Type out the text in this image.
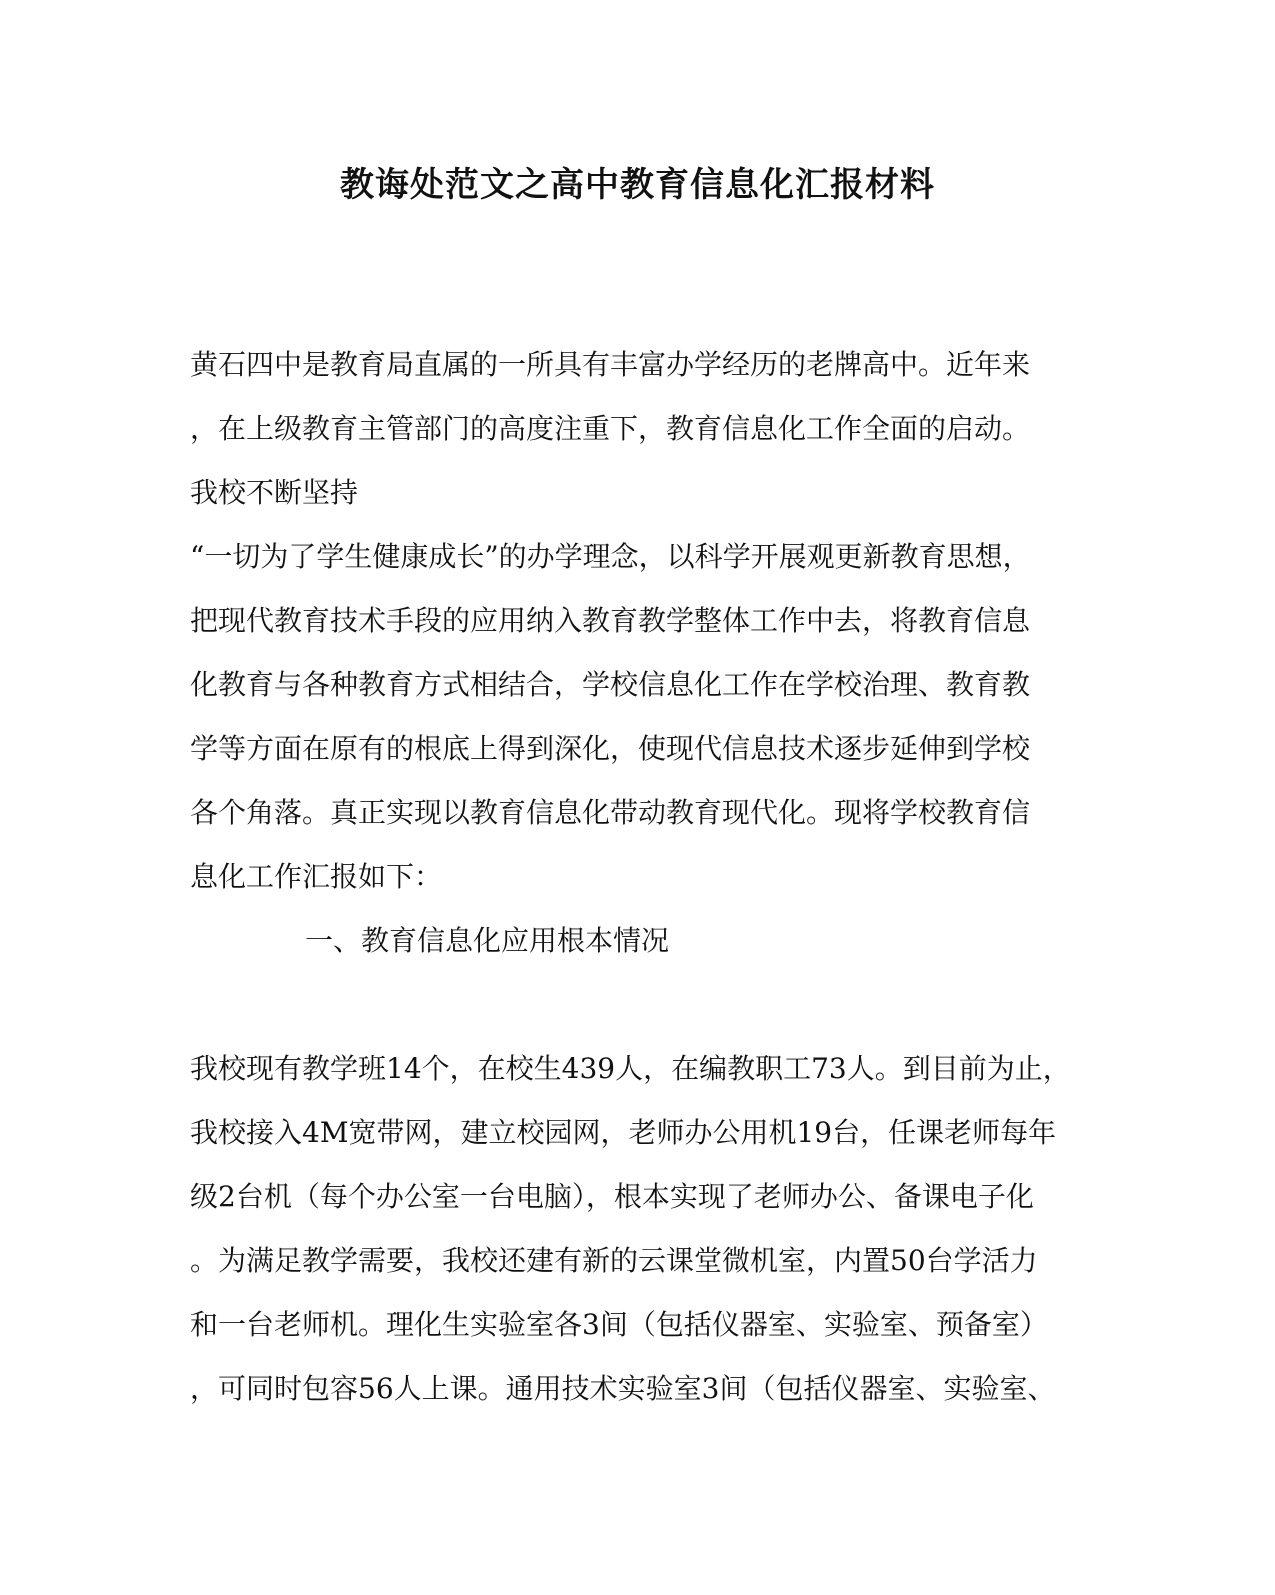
教诲处范文之高中教育信息化汇报材料
黄石四中是教育局直属的一所具有丰富办学经历的老牌高中。近年来
，在上级教育主管部门的高度注重下，教育信息化工作全面的启动。
我校不断坚持
“一切为了学生健康成长”的办学理念，以科学开展观更新教育思想，
把现代教育技术手段的应用纳入教育教学整体工作中去，将教育信息
化教育与各种教育方式相结合，学校信息化工作在学校治理、教育教
学等方面在原有的根底上得到深化，使现代信息技术逐步延伸到学校
各个角落。真正实现以教育信息化带动教育现代化。现将学校教育信
息化工作汇报如下：
一、教育信息化应用根本情况
我校现有教学班14个，在校生439人，在编教职工73人。到目前为止，
我校接入4M宽带网，建立校园网，老师办公用机19台，任课老师每年
级2台机（每个办公室一台电脑），根本实现了老师办公、备课电子化
。为满足教学需要，我校还建有新的云课堂微机室，内置50台学活力
和一台老师机。理化生实验室各3间（包括仪器室、实验室、预备室）
，可同时包容56人上课。通用技术实验室3间（包括仪器室、实验室、
